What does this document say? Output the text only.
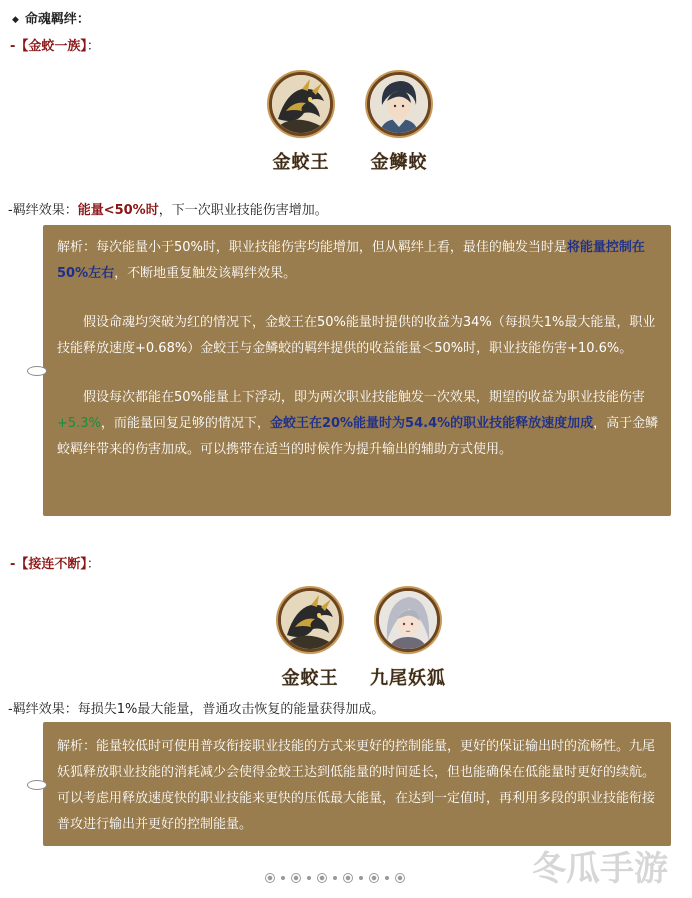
◆ 命魂羁绊：
-【金蛟一族】：
金蛟王 金鳞蛟
-羁绊效果：能量<50%时，下一次职业技能伤害增加。

解析：每次能量小于50%时，职业技能伤害均能增加，但从羁绊上看，最佳的触发当时是将能量控制在50%左右，不断地重复触发该羁绊效果。

假设命魂均突破为红的情况下，金蛟王在50%能量时提供的收益为34%（每损失1%最大能量，职业技能释放速度+0.68%）金蛟王与金鳞蛟的羁绊提供的收益能量＜50%时，职业技能伤害+10.6%。

假设每次都能在50%能量上下浮动，即为两次职业技能触发一次效果，期望的收益为职业技能伤害+5.3%，而能量回复足够的情况下，金蛟王在20%能量时为54.4%的职业技能释放速度加成，高于金鳞蛟羁绊带来的伤害加成。可以携带在适当的时候作为提升输出的辅助方式使用。

-【接连不断】：
金蛟王 九尾妖狐
-羁绊效果：每损失1%最大能量，普通攻击恢复的能量获得加成。

解析：能量较低时可使用普攻衔接职业技能的方式来更好的控制能量，更好的保证输出时的流畅性。九尾妖狐释放职业技能的消耗减少会使得金蛟王达到低能量的时间延长，但也能确保在低能量时更好的续航。可以考虑用释放速度快的职业技能来更快的压低最大能量，在达到一定值时，再利用多段的职业技能衔接普攻进行输出并更好的控制能量。

冬瓜手游
